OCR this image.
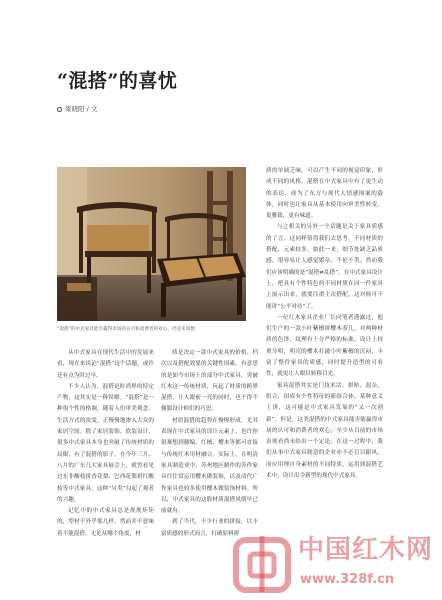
“混搭”的喜忧
梁晓阳 / 文
“混搭”的中式家具能否赢得市场的认可和消费者的欢心，仍是未知数

从中式家具在现代生活中的发展来看，现在来谈论“混搭”这个话题，或许还有点为时过早。

不少人认为，混搭是时尚界的特定产物，这其实是一种误解。“混搭”是一种很个性的格调，随着人们审美观念、生活方式的改变，正慢慢地渗入大众的家居空间。除了家居装饰、软装设计，很多中式家具本身也突破了传统材质的局限，有了混搭的影子。在今年三月、八月的广东几大家具展会上，就曾看见过东非酸枝拼香花梨、巴西花梨拼红酸枝等中式家具，这种“另类”勾起了观者的兴趣。

记忆中的中式家具总是规规矩矩的，型材不外乎那几样，然而并不意味着不能混搭。无论从哪个角度，材

质是决定一款中式家具的价格、档次以及搭配效果的关键性因素。有意思的是如今市场上的部分中式家具，突破红木这一传统材质，玩起了材质的跨界混搭，让人眼前一亮的同时，也不得不佩服设计师们的巧思。

材质混搭的趋势在慢慢形成，尤其表现在中式家具的设计元素上，也许你很难想到藤编、红檀、樱木等都可直接与传统红木用材融合。实际上，在明清家具制造业中，苏州地区制作的苏作家具往往常运用樱木做装饰，以及清代广作家具也较多使用樱木做装饰材料。所以，中式家具的这股材质混搭风倒早已前就有。

到了当代，不少行业的拼接，以丰富质感的形式而言，打破原料拼

质的单调乏味，可以产生不同的视觉印象，形成不同的风格。混搭在中式家具中有了更生动的表达，成为了东方与现代人情感图案的载体，同时也让家具从基本使用向审美性转变，更雅致，更有味道。

与之相关的另外一个话题是关于家具质感的了言，这同样值得我们去思考。不同材质的搭配，元素较多，如此一来，细节处缺乏品质感，很容易让人感觉繁杂、不伦不类。然而我们应该明确的是“混搭≠乱搭”，在中式家具设计上，把具有个性特色的不同材质在同一件家具上展示出来，就要注重主次搭配，这对候可不能讲“公平对待”了。

一位红木家具企业厂长向笔者透露过，他们生产的一款小叶紫檀拼樱木茶几，对两种材质的色泽、纹理有十分严格的标准，设计上较重分明，明亮的樱木打破小叶紫檀的沉闷，丰富了整件家具的质感，同时提升造型的可看性，就更让人眼以转移目光。

家具混搭其实是门技术活，拼贴、混杂、组合，组成有个性特征的新组合体，某种意义上讲，这可能是中式家具发展的“又一次创新”，但是，这类混搭的中式家具能否能赢得市场的认可和消费者的欢心，至少从目前的市场表现看尚未给出一个定论，在这一过程中，我们从事中式家具制造的企业亦不必盲目跟风，而应用理自身素材的不同特质，运用到混搭艺术中，设计出令新型的现代中式家具。

中国红木网
www.328f.cn
